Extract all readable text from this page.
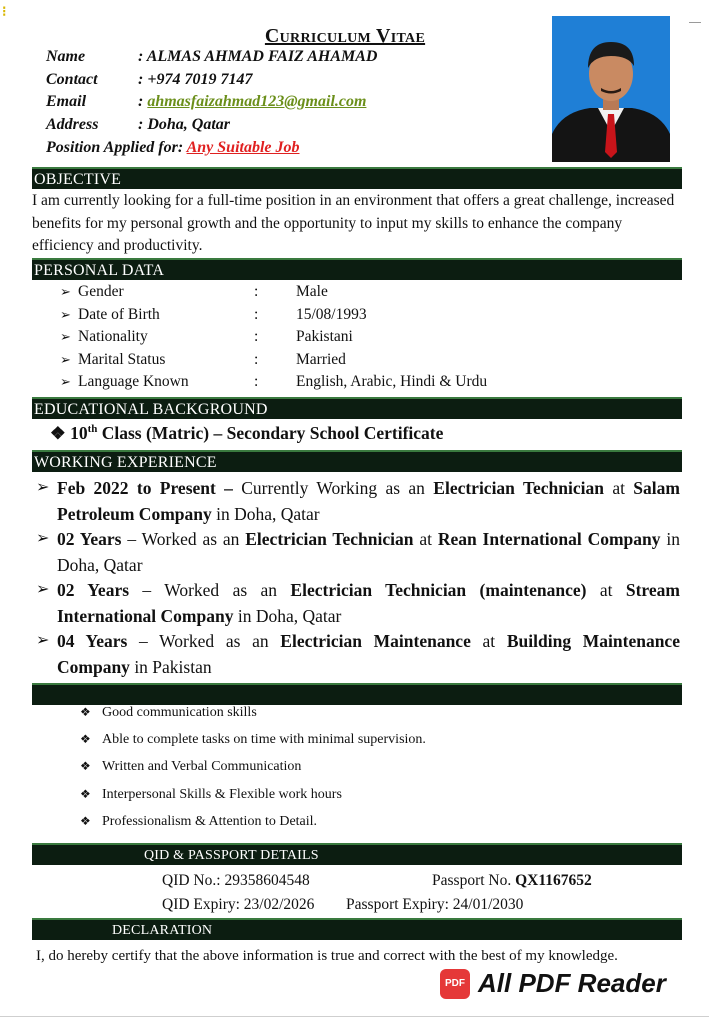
⁝
Curriculum Vitae
Name	: ALMAS AHMAD FAIZ AHAMAD
Contact	: +974 7019 7147
Email	: ahmasfaizahmad123@gmail.com
Address : Doha, Qatar
Position Applied for: Any Suitable Job
OBJECTIVE
I am currently looking for a full-time position in an environment that offers a great challenge, increased benefits for my personal growth and the opportunity to input my skills to enhance the company efficiency and productivity.
PERSONAL DATA
➢ Gender	: Male
➢ Date of Birth	: 15/08/1993
➢ Nationality	: Pakistani
➢ Marital Status	: Married
➢ Language Known	: English, Arabic, Hindi & Urdu
EDUCATIONAL BACKGROUND
❖ 10th Class (Matric) – Secondary School Certificate
WORKING EXPERIENCE
➢ Feb 2022 to Present – Currently Working as an Electrician Technician at Salam Petroleum Company in Doha, Qatar
➢ 02 Years – Worked as an Electrician Technician at Rean International Company in Doha, Qatar
➢ 02 Years – Worked as an Electrician Technician (maintenance) at Stream International Company in Doha, Qatar
➢ 04 Years – Worked as an Electrician Maintenance at Building Maintenance Company in Pakistan
❖ Good communication skills
❖ Able to complete tasks on time with minimal supervision.
❖ Written and Verbal Communication
❖ Interpersonal Skills & Flexible work hours
❖ Professionalism & Attention to Detail.
QID & PASSPORT DETAILS
QID No.: 29358604548	Passport No. QX1167652
QID Expiry: 23/02/2026 Passport Expiry: 24/01/2030
DECLARATION
I, do hereby certify that the above information is true and correct with the best of my knowledge.
PDF All PDF Reader
